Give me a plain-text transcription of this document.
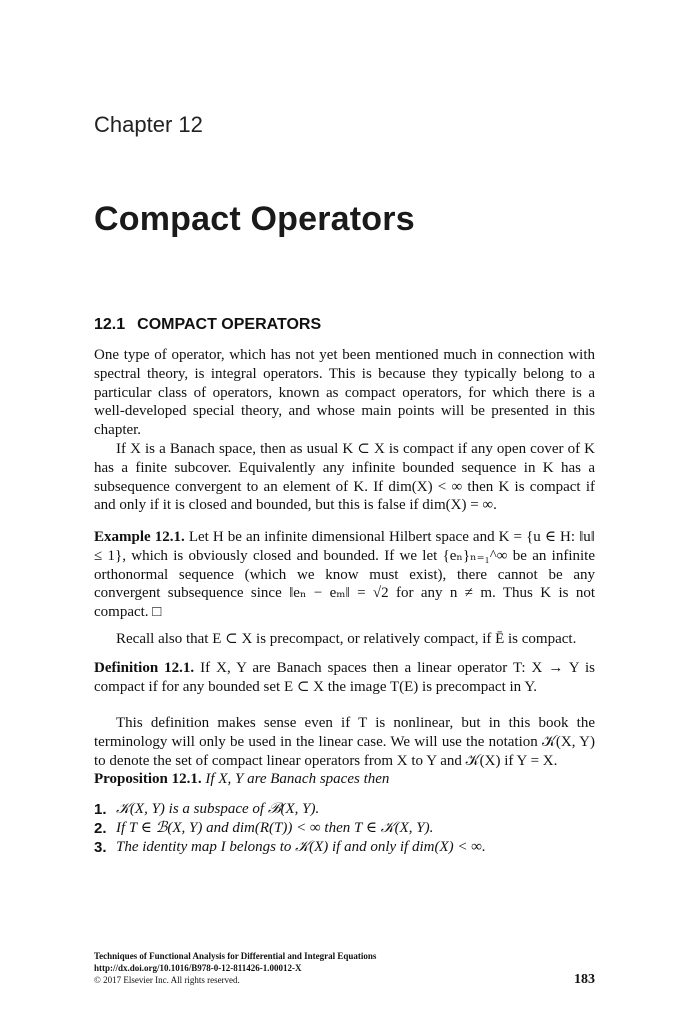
Chapter 12
Compact Operators
12.1 COMPACT OPERATORS
One type of operator, which has not yet been mentioned much in connection with spectral theory, is integral operators. This is because they typically belong to a particular class of operators, known as compact operators, for which there is a well-developed special theory, and whose main points will be presented in this chapter.
If X is a Banach space, then as usual K ⊂ X is compact if any open cover of K has a finite subcover. Equivalently any infinite bounded sequence in K has a subsequence convergent to an element of K. If dim(X) < ∞ then K is compact if and only if it is closed and bounded, but this is false if dim(X) = ∞.
Example 12.1. Let H be an infinite dimensional Hilbert space and K = {u ∈ H: ‖u‖ ≤ 1}, which is obviously closed and bounded. If we let {eₙ}ₙ₌₁^∞ be an infinite orthonormal sequence (which we know must exist), there cannot be any convergent subsequence since ‖eₙ − eₘ‖ = √2 for any n ≠ m. Thus K is not compact. □
Recall also that E ⊂ X is precompact, or relatively compact, if Ē is compact.
Definition 12.1. If X, Y are Banach spaces then a linear operator T: X → Y is compact if for any bounded set E ⊂ X the image T(E) is precompact in Y.
This definition makes sense even if T is nonlinear, but in this book the terminology will only be used in the linear case. We will use the notation 𝒦(X, Y) to denote the set of compact linear operators from X to Y and 𝒦(X) if Y = X.
Proposition 12.1. If X, Y are Banach spaces then
1. 𝒦(X, Y) is a subspace of ℬ(X, Y).
2. If T ∈ ℬ(X, Y) and dim(R(T)) < ∞ then T ∈ 𝒦(X, Y).
3. The identity map I belongs to 𝒦(X) if and only if dim(X) < ∞.
Techniques of Functional Analysis for Differential and Integral Equations
http://dx.doi.org/10.1016/B978-0-12-811426-1.00012-X
© 2017 Elsevier Inc. All rights reserved.	183
